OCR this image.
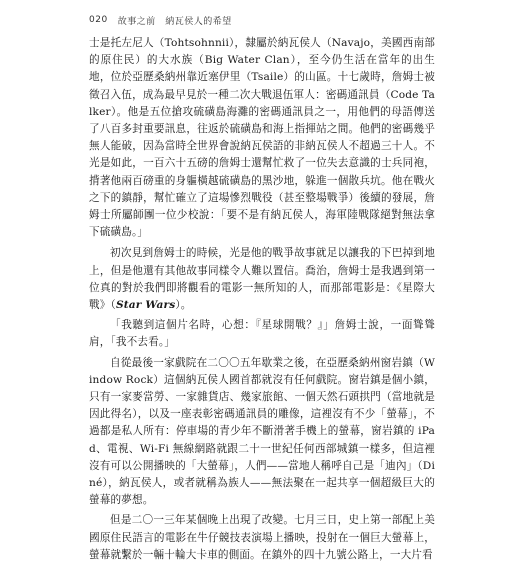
020 故事之前　納瓦侯人的希望

士是托左尼人（Tohtsohnnii），隸屬於納瓦侯人（Navajo，美國西南部的原住民）的大水族（Big Water Clan），至今仍生活在當年的出生地，位於亞歷桑納州靠近塞伊里（Tsaile）的山區。十七歲時，詹姆士被徵召入伍，成為最早見於一種二次大戰退伍軍人：密碼通訊員（Code Talker）。他是五位搶攻硫磺島海灘的密碼通訊員之一，用他們的母語傳送了八百多封重要訊息，往返於硫磺島和海上指揮站之間。他們的密碼幾乎無人能破，因為當時全世界會說納瓦侯語的非納瓦侯人不超過三十人。不光是如此，一百六十五磅的詹姆士還幫忙救了一位失去意識的士兵同袍，揹著他兩百磅重的身軀橫越硫磺島的黑沙地，躲進一個散兵坑。他在戰火之下的鎮靜，幫忙確立了這場慘烈戰役（甚至整場戰爭）後續的發展，詹姆士所屬師團一位少校說：「要不是有納瓦侯人，海軍陸戰隊絕對無法拿下硫磺島。」

初次見到詹姆士的時候，光是他的戰爭故事就足以讓我的下巴掉到地上，但是他還有其他故事同樣令人難以置信。喬治，詹姆士是我遇到第一位真的對於我們即將觀看的電影一無所知的人，而那部電影是：《星際大戰》（Star Wars）。

「我聽到這個片名時，心想：『星球開戰？』」詹姆士說，一面聳聳肩，「我不去看。」

自從最後一家戲院在二〇〇五年歇業之後，在亞歷桑納州窗岩鎮（Window Rock）這個納瓦侯人國首都就沒有任何戲院。窗岩鎮是個小鎮，只有一家麥當勞、一家雜貨店、幾家旅館、一個天然石頭拱門（當地就是因此得名），以及一座表彰密碼通訊員的雕像，這裡沒有不少「螢幕」，不過都是私人所有：停車場的青少年不斷滑著手機上的螢幕，窗岩鎮的 iPad、電視、Wi-Fi 無線網路就跟二十一世紀任何西部城鎮一樣多，但這裡沒有可以公開播映的「大螢幕」，人們——當地人稱呼自己是「迪內」（Diné），納瓦侯人，或者就稱為族人——無法聚在一起共享一個超級巨大的螢幕的夢想。

但是二〇一三年某個晚上出現了改變。七月三日，史上第一部配上美國原住民語言的電影在牛仔競技表演場上播映，投射在一個巨大螢幕上，螢幕就繫於一輛十輪大卡車的側面。在鎮外的四十九號公路上，一大片看
